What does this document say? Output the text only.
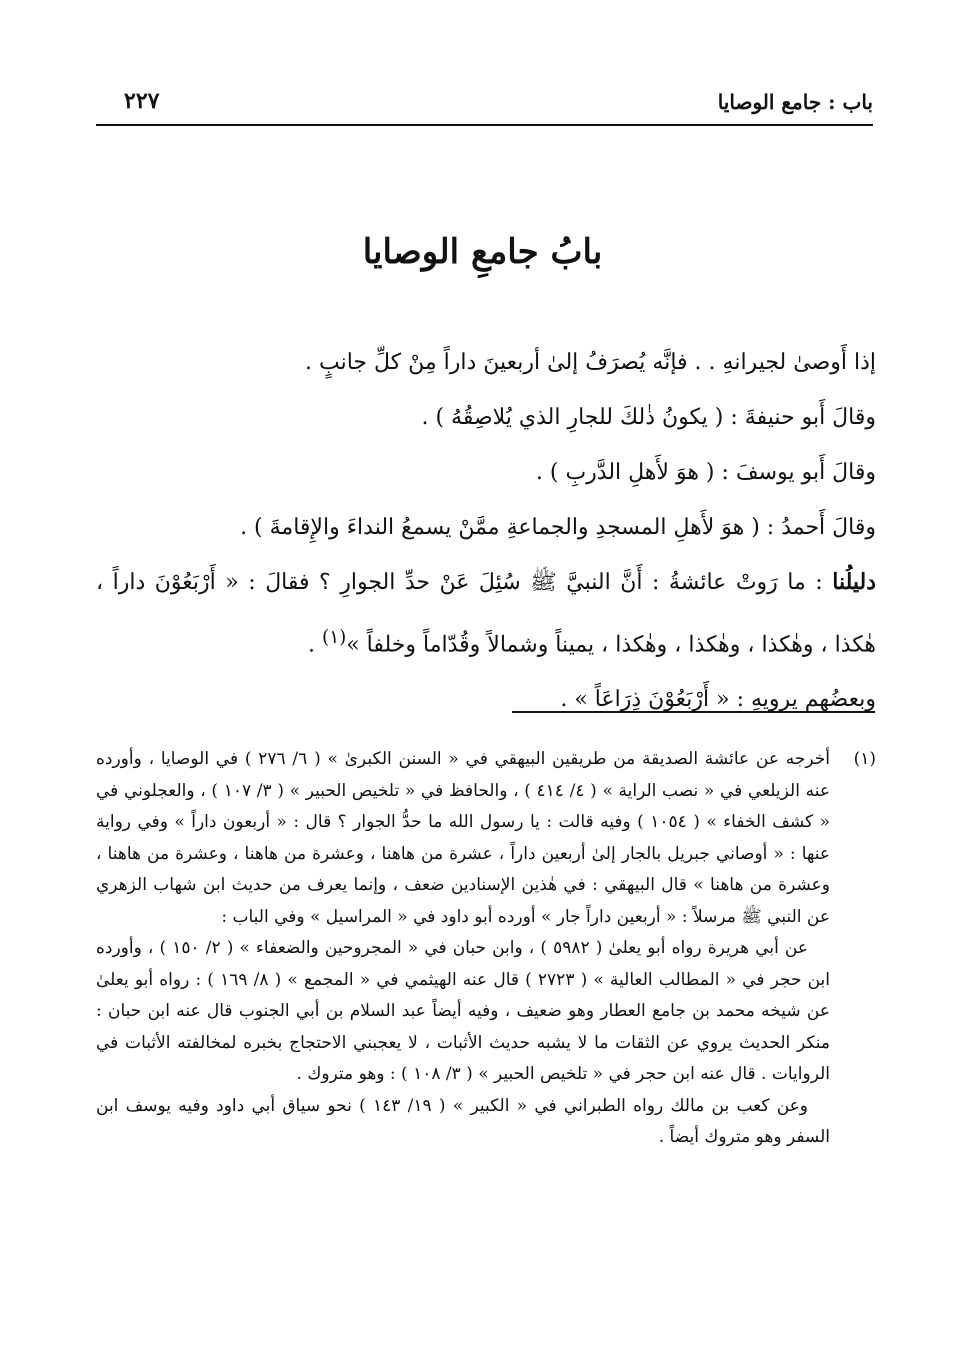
باب : جامع الوصايا
٢٢٧
بابُ جامعِ الوصايا

إذا أَوصىٰ لجيرانهِ . . فإنَّه يُصرَفُ إلىٰ أربعينَ داراً مِنْ كلِّ جانبٍ .

وقالَ أَبو حنيفةَ : ( يكونُ ذٰلكَ للجارِ الذي يُلاصِقُهُ ) .

وقالَ أَبو يوسفَ : ( هوَ لأَهلِ الدَّربِ ) .

وقالَ أَحمدُ : ( هوَ لأَهلِ المسجدِ والجماعةِ ممَّنْ يسمعُ النداءَ والإِقامةَ ) .

دليلُنا : ما رَوتْ عائشةُ : أَنَّ النبيَّ ﷺ سُئِلَ عَنْ حدِّ الجوارِ ؟ فقالَ : « أَرْبَعُوْنَ داراً ، هٰكذا ، وهٰكذا ، وهٰكذا ، وهٰكذا ، يميناً وشمالاً وقُدّاماً وخلفاً »$^{(١)}$ .

وبعضُهم يرويهِ : « أَرْبَعُوْنَ ذِرَاعَاً » .

(١)

أخرجه عن عائشة الصديقة من طريقين البيهقي في « السنن الكبرىٰ » ( ٦/ ٢٧٦ ) في الوصايا ، وأورده عنه الزيلعي في « نصب الراية » ( ٤/ ٤١٤ ) ، والحافظ في « تلخيص الحبير » ( ٣/ ١٠٧ ) ، والعجلوني في « كشف الخفاء » ( ١٠٥٤ ) وفيه قالت : يا رسول الله ما حدُّ الجوار ؟ قال : « أربعون داراً » وفي رواية عنها : « أوصاني جبريل بالجار إلىٰ أربعين داراً ، عشرة من هاهنا ، وعشرة من هاهنا ، وعشرة من هاهنا ، وعشرة من هاهنا » قال البيهقي : في هٰذين الإسنادين ضعف ، وإنما يعرف من حديث ابن شهاب الزهري عن النبي ﷺ مرسلاً : « أربعين داراً جار » أورده أبو داود في « المراسيل » وفي الباب :

عن أبي هريرة رواه أبو يعلىٰ ( ٥٩٨٢ ) ، وابن حبان في « المجروحين والضعفاء » ( ٢/ ١٥٠ ) ، وأورده ابن حجر في « المطالب العالية » ( ٢٧٢٣ ) قال عنه الهيثمي في « المجمع » ( ٨/ ١٦٩ ) : رواه أبو يعلىٰ عن شيخه محمد بن جامع العطار وهو ضعيف ، وفيه أيضاً عبد السلام بن أبي الجنوب قال عنه ابن حبان : منكر الحديث يروي عن الثقات ما لا يشبه حديث الأثبات ، لا يعجبني الاحتجاج بخبره لمخالفته الأثبات في الروايات . قال عنه ابن حجر في « تلخيص الحبير » ( ٣/ ١٠٨ ) : وهو متروك .

وعن كعب بن مالك رواه الطبراني في « الكبير » ( ١٩/ ١٤٣ ) نحو سياق أبي داود وفيه يوسف ابن السفر وهو متروك أيضاً .
